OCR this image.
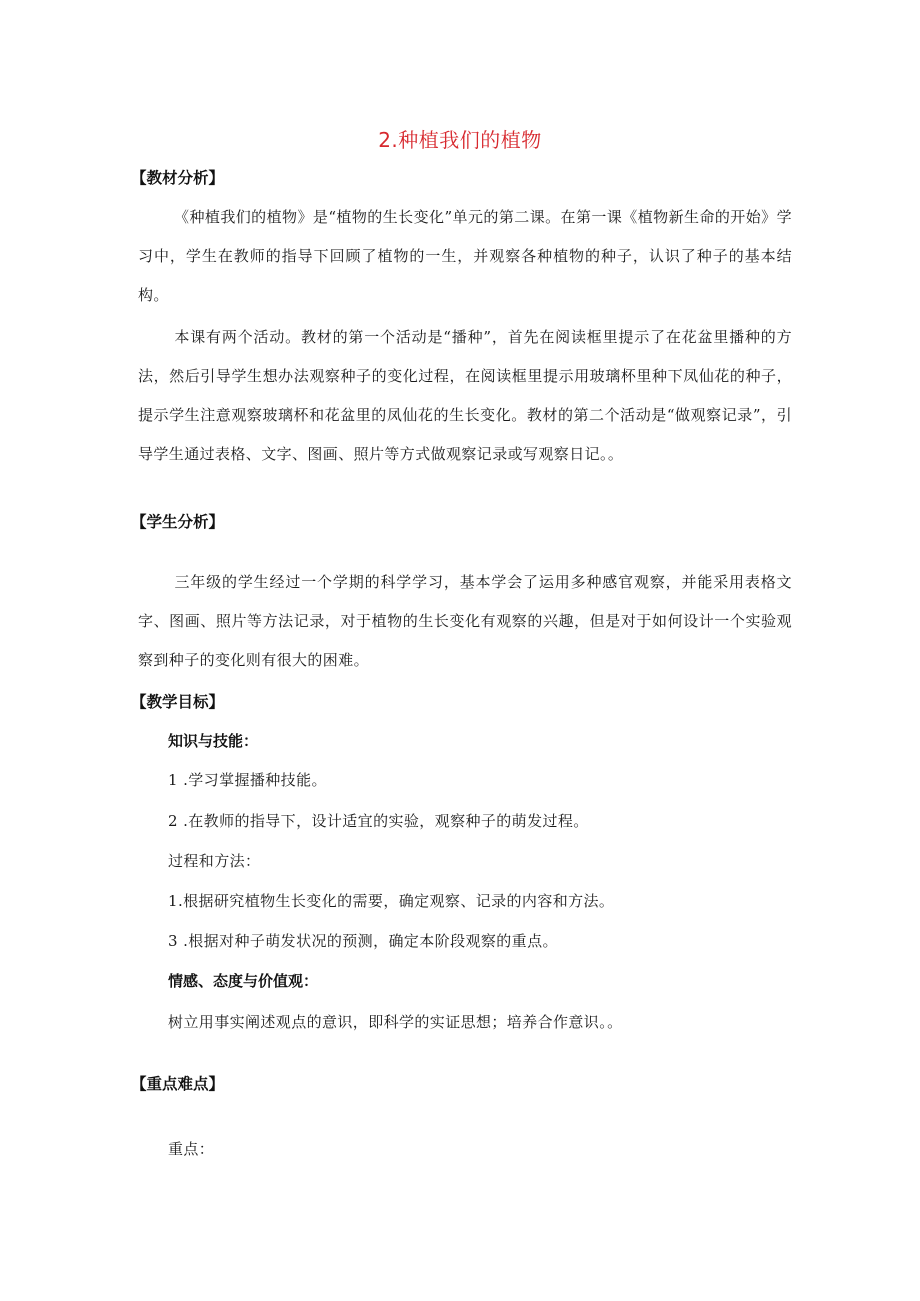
2.种植我们的植物
【教材分析】
《种植我们的植物》是“植物的生长变化”单元的第二课。在第一课《植物新生命的开始》学习中，学生在教师的指导下回顾了植物的一生，并观察各种植物的种子，认识了种子的基本结构。
本课有两个活动。教材的第一个活动是“播种”，首先在阅读框里提示了在花盆里播种的方法，然后引导学生想办法观察种子的变化过程，在阅读框里提示用玻璃杯里种下凤仙花的种子，提示学生注意观察玻璃杯和花盆里的凤仙花的生长变化。教材的第二个活动是“做观察记录”，引导学生通过表格、文字、图画、照片等方式做观察记录或写观察日记。。
【学生分析】
三年级的学生经过一个学期的科学学习，基本学会了运用多种感官观察，并能采用表格文字、图画、照片等方法记录，对于植物的生长变化有观察的兴趣，但是对于如何设计一个实验观察到种子的变化则有很大的困难。
【教学目标】
知识与技能：
1 .学习掌握播种技能。
2 .在教师的指导下，设计适宜的实验，观察种子的萌发过程。
过程和方法：
1.根据研究植物生长变化的需要，确定观察、记录的内容和方法。
3 .根据对种子萌发状况的预测，确定本阶段观察的重点。
情感、态度与价值观：
树立用事实阐述观点的意识，即科学的实证思想；培养合作意识。。
【重点难点】
重点：
